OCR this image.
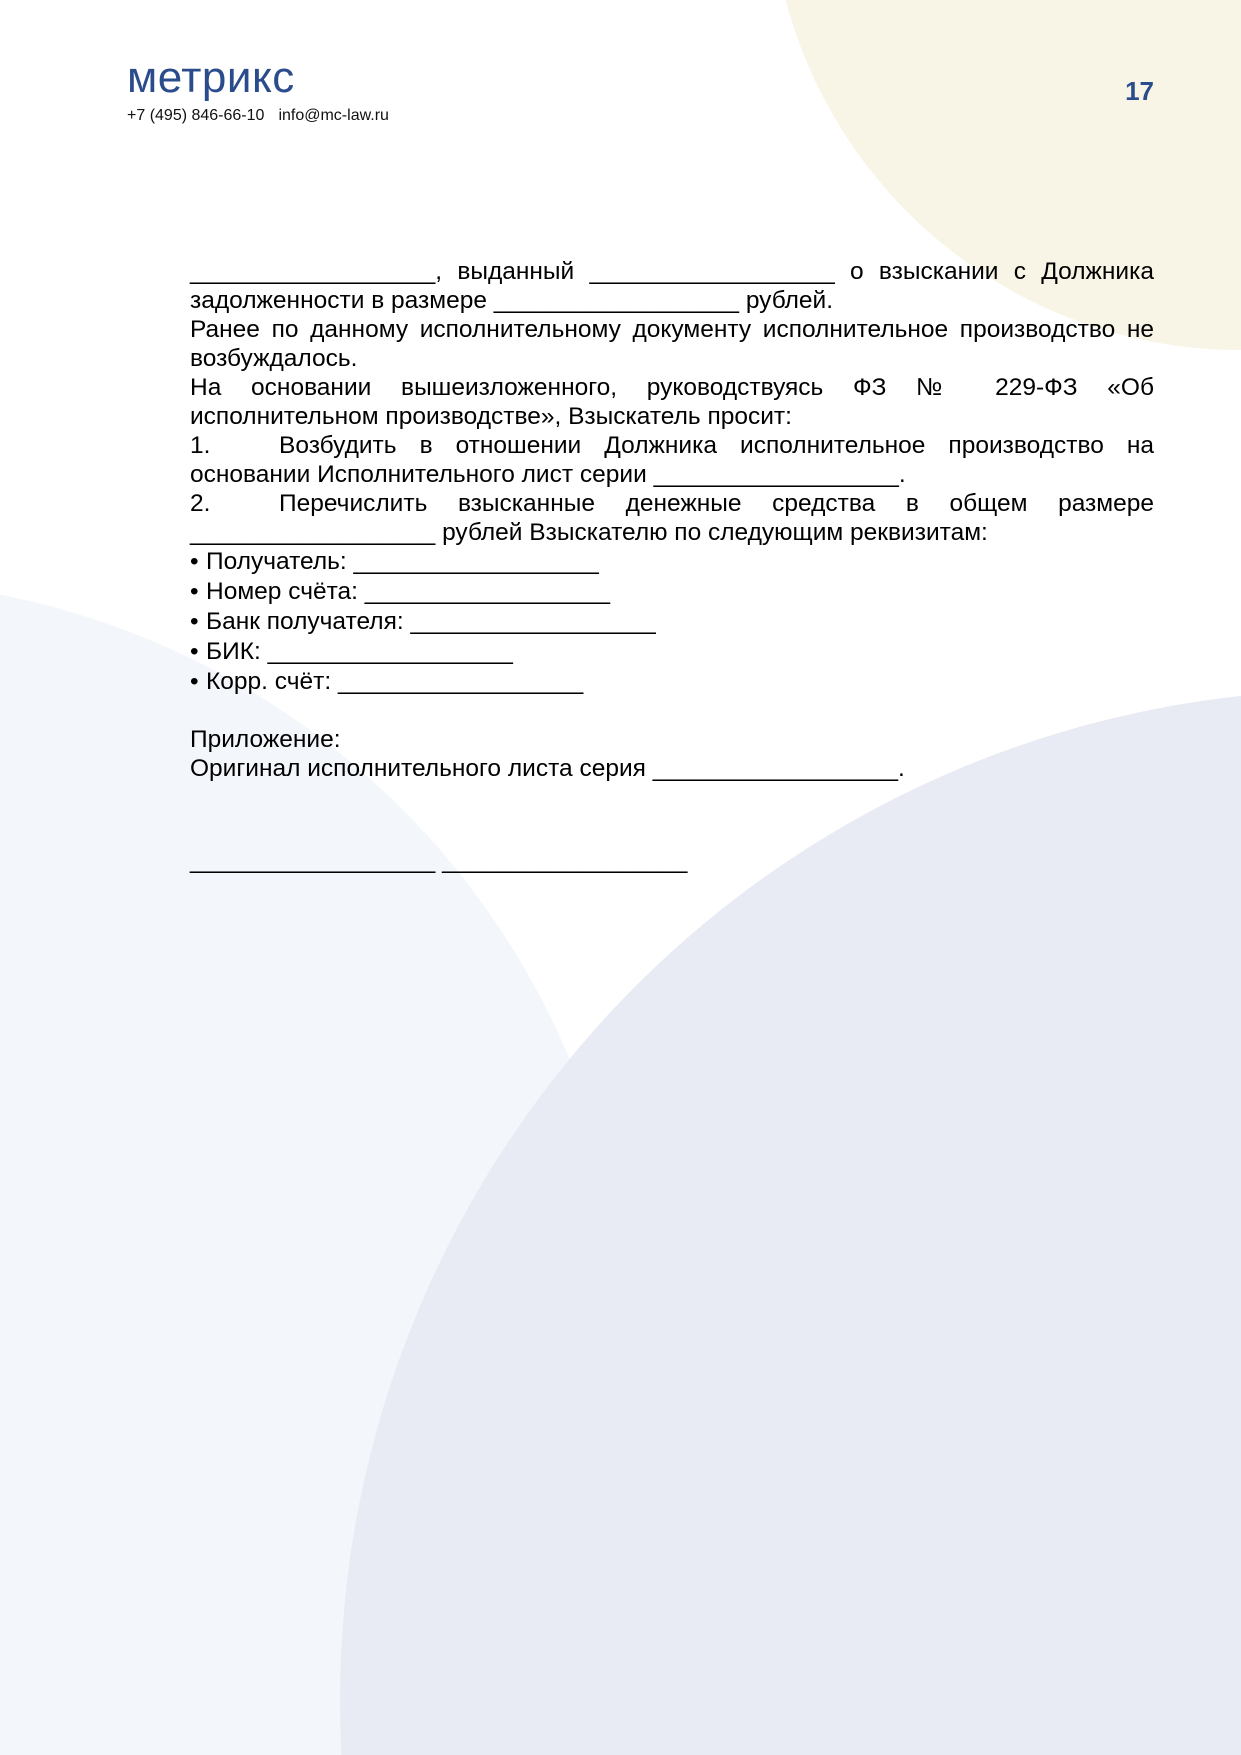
метрикс
+7 (495) 846-66-10 info@mc-law.ru
17
__________________, выданный __________________ о взыскании с Должника
задолженности в размере __________________ рублей.
Ранее по данному исполнительному документу исполнительное производство не
возбуждалось.
На основании вышеизложенного, руководствуясь ФЗ № 229-ФЗ «Об
исполнительном производстве», Взыскатель просит:
1.	Возбудить в отношении Должника исполнительное производство на
основании Исполнительного лист серии __________________.
2.	Перечислить взысканные денежные средства в общем размере
__________________ рублей Взыскателю по следующим реквизитам:
• Получатель: __________________
• Номер счёта: __________________
• Банк получателя: __________________
• БИК: __________________
• Корр. счёт: __________________
Приложение:
Оригинал исполнительного листа серия __________________.
__________________ __________________
